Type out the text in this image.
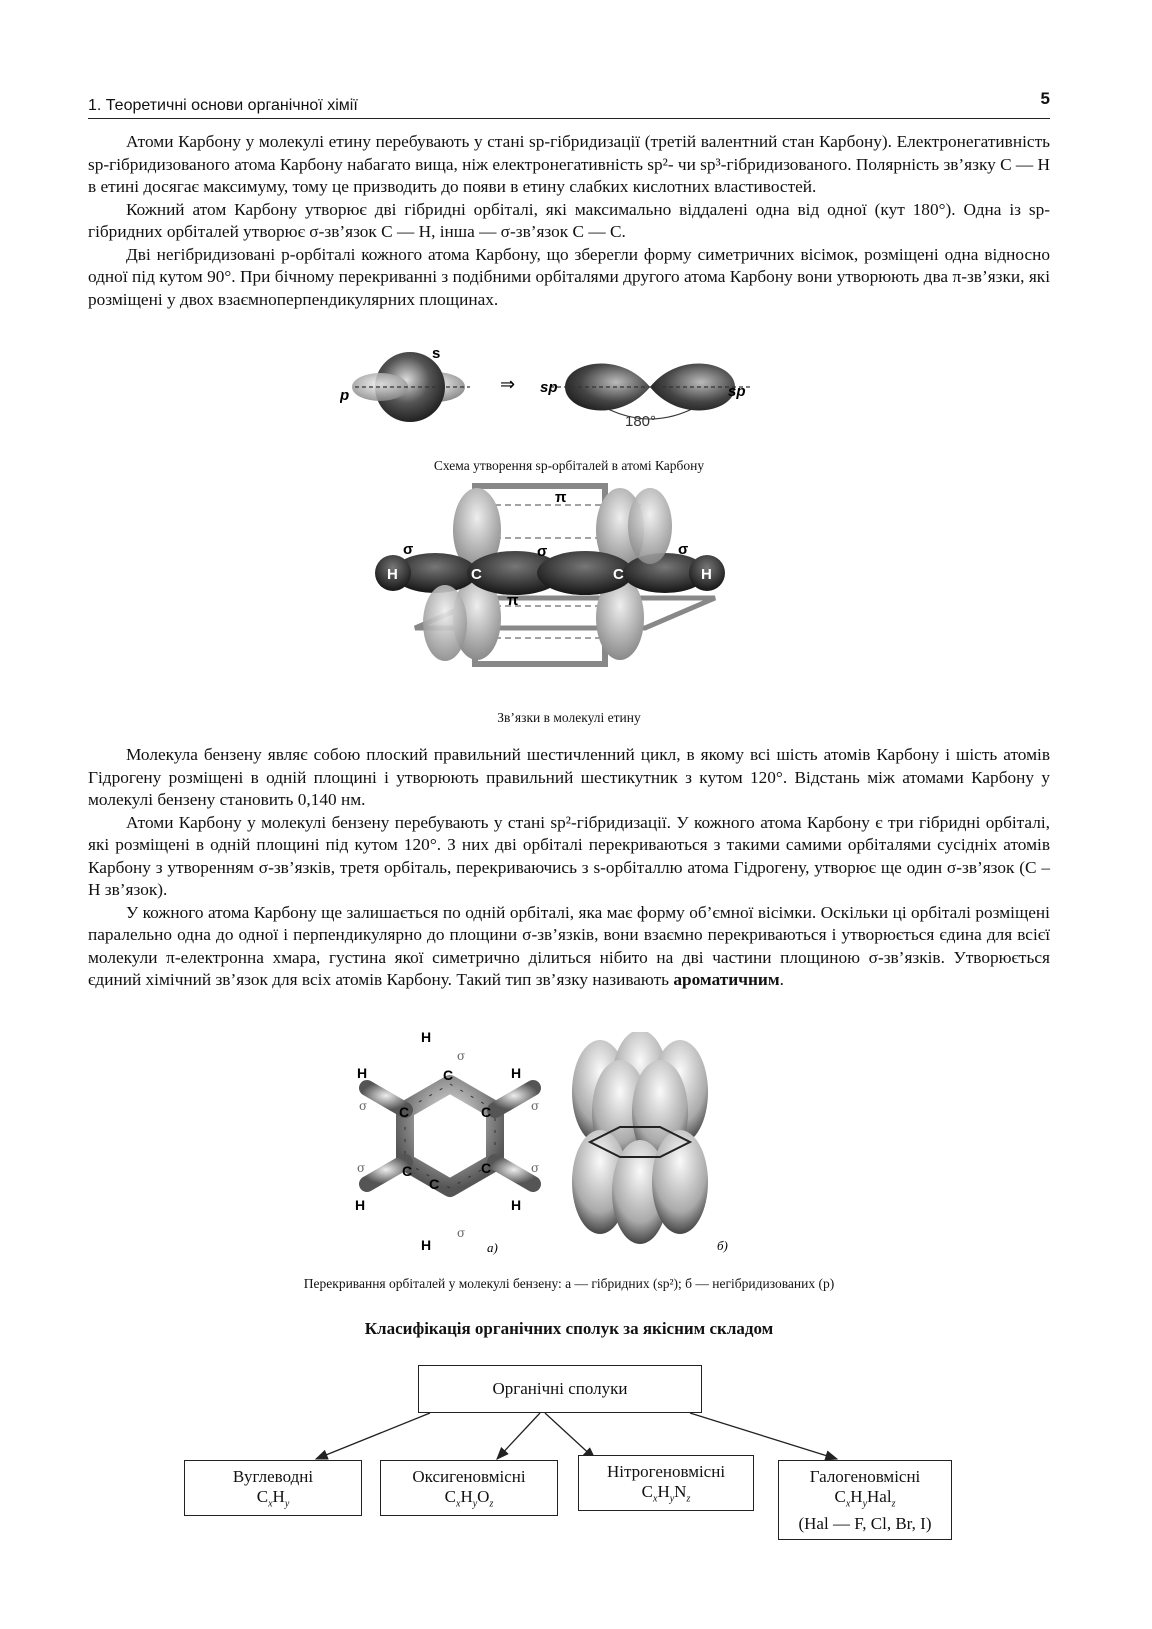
1. Теоретичні основи органічної хімії	5

Атоми Карбону у молекулі етину перебувають у стані sp-гібридизації (третій валентний стан Карбону). Електронегативність sp-гібридизованого атома Карбону набагато вища, ніж електронегативність sp²- чи sp³-гібридизованого. Полярність зв’язку С — Н в етині досягає максимуму, тому це призводить до появи в етину слабких кислотних властивостей.

Кожний атом Карбону утворює дві гібридні орбіталі, які максимально віддалені одна від одної (кут 180°). Одна із sp-гібридних орбіталей утворює σ-зв’язок С — Н, інша — σ-зв’язок С — С.

Дві негібридизовані p-орбіталі кожного атома Карбону, що зберегли форму симетричних вісімок, розміщені одна відносно одної під кутом 90°. При бічному перекриванні з подібними орбіталями другого атома Карбону вони утворюють два π-зв’язки, які розміщені у двох взаємноперпендикулярних площинах.

s
p
⇒ sp	sp
180°
Схема утворення sp-орбіталей в атомі Карбону
π
π
σ	σ	σ
H	C	C	H
Зв’язки в молекулі етину

Молекула бензену являє собою плоский правильний шестичленний цикл, в якому всі шість атомів Карбону і шість атомів Гідрогену розміщені в одній площині і утворюють правильний шестикутник з кутом 120°. Відстань між атомами Карбону у молекулі бензену становить 0,140 нм.

Атоми Карбону у молекулі бензену перебувають у стані sp²-гібридизації. У кожного атома Карбону є три гібридні орбіталі, які розміщені в одній площині під кутом 120°. З них дві орбіталі перекриваються з такими самими орбіталями сусідніх атомів Карбону з утворенням σ-зв’язків, третя орбіталь, перекриваючись з s-орбіталлю атома Гідрогену, утворює ще один σ-зв’язок (С – Н зв’язок).

У кожного атома Карбону ще залишається по одній орбіталі, яка має форму об’ємної вісімки. Оскільки ці орбіталі розміщені паралельно одна до одної і перпендикулярно до площини σ-зв’язків, вони взаємно перекриваються і утворюється єдина для всієї молекули π-електронна хмара, густина якої симетрично ділиться нібито на дві частини площиною σ-зв’язків. Утворюється єдиний хімічний зв’язок для всіх атомів Карбону. Такий тип зв’язку називають ароматичним.

C
C
C
C
C
C
H
H
H
H
H
H
σ
σ	σ
σ
σ
σ
а)	б)
Перекривання орбіталей у молекулі бензену: а — гібридних (sp²); б — негібридизованих (p)
Класифікація органічних сполук за якісним складом
Органічні сполуки
Вуглеводні
$C_xH_y$
Оксигеновмісні
$C_xH_yO_z$
Нітрогеновмісні
$C_xH_yN_z$
Галогеновмісні
$C_xH_yHal_z$
(Hal — F, Cl, Br, I)
